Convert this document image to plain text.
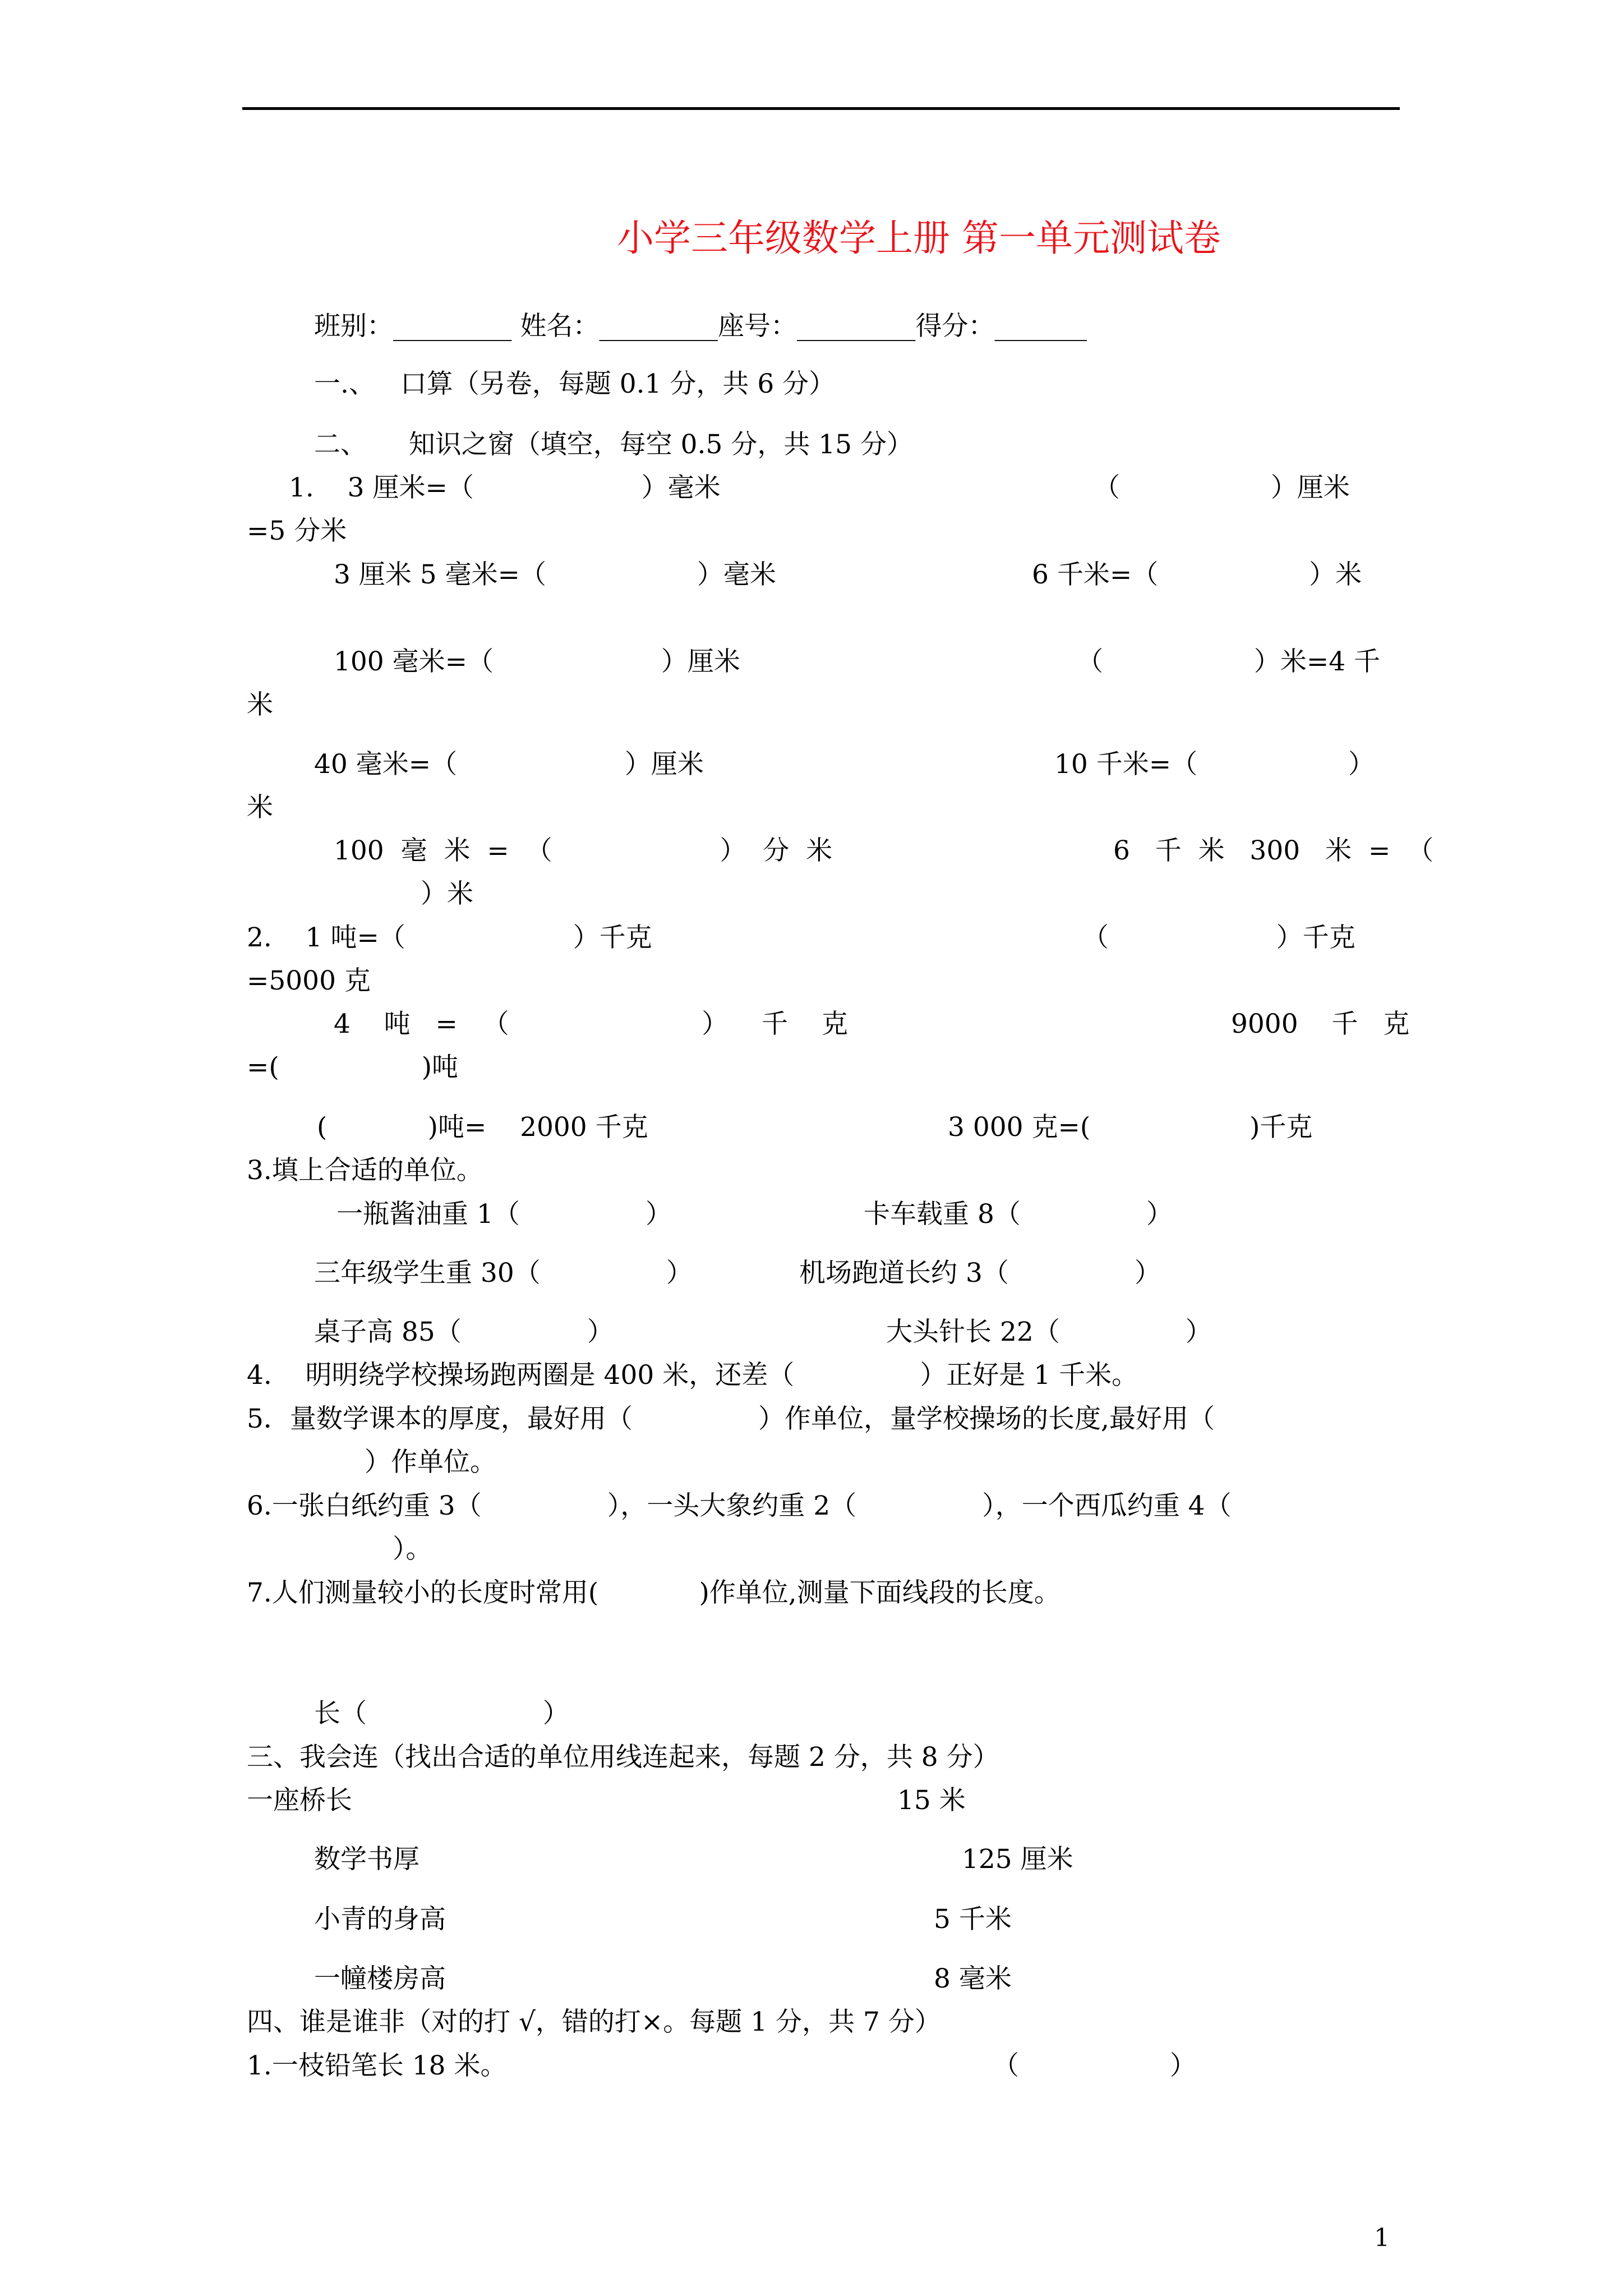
小学三年级数学上册 第一单元测试卷
班别：_________ 姓名：_________座号：_________得分：_______
一.、   口算（另卷，每题 0.1 分，共 6 分）
二、     知识之窗（填空，每空 0.5 分，共 15 分）
1.    3 厘米=（                    ）毫米	（                  ）厘米
=5 分米
3 厘米 5 毫米=（                  ）毫米	6 千米=（                  ）米
100 毫米=（                    ）厘米	（                  ）米=4 千
米
40 毫米=（                    ）厘米	10 千米=（                  ）
米
100  毫  米  =  （                    ）  分  米	6   千  米   300   米  =  （
）米
2.    1 吨=（                    ）千克	（                    ）千克
=5000 克
4    吨   =   （                       ）    千    克	9000    千   克
=(                 )吨
(            )吨=    2000 千克	3 000 克=(                   )千克
3.填上合适的单位。
一瓶酱油重 1（               ）	卡车载重 8（               ）
三年级学生重 30（               ）	机场跑道长约 3（               ）
桌子高 85（               ）	大头针长 22（               ）
4.    明明绕学校操场跑两圈是 400 米，还差（               ）正好是 1 千米。
5．量数学课本的厚度，最好用（               ）作单位，量学校操场的长度,最好用（
）作单位。
6.一张白纸约重 3（               ），一头大象约重 2（               ），一个西瓜约重 4（
）。
7.人们测量较小的长度时常用(            )作单位,测量下面线段的长度。
长（                     ）
三、我会连（找出合适的单位用线连起来，每题 2 分，共 8 分）
一座桥长	15 米
数学书厚	125 厘米
小青的身高	5 千米
一幢楼房高	8 毫米
四、谁是谁非（对的打 √，错的打×。每题 1 分，共 7 分）
1.一枝铅笔长 18 米。	（                  ）
1
